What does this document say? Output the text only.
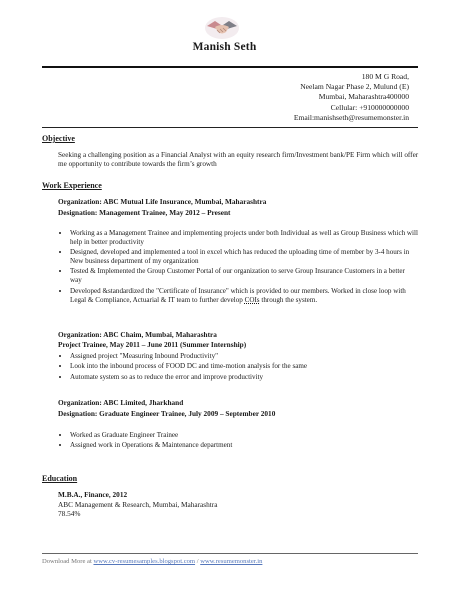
Manish Seth
180 M G Road,
Neelam Nagar Phase 2, Mulund (E)
Mumbai, Maharashtra400000
Cellular: +910000000000
Email:manishseth@resumemonster.in
Objective
Seeking a challenging position as a Financial Analyst with an equity research firm/Investment bank/PE Firm which will offer me opportunity to contribute towards the firm’s growth
Work Experience
Organization: ABC Mutual Life Insurance, Mumbai, Maharashtra
Designation: Management Trainee, May 2012 – Present
• Working as a Management Trainee and implementing projects under both Individual as well as Group Business which will help in better productivity
• Designed, developed and implemented a tool in excel which has reduced the uploading time of member by 3-4 hours in New business department of my organization
• Tested & Implemented the Group Customer Portal of our organization to serve Group Insurance Customers in a better way
• Developed &standardized the "Certificate of Insurance" which is provided to our members. Worked in close loop with Legal & Compliance, Actuarial & IT team to further develop COIs through the system.
Organization: ABC Chaim, Mumbai, Maharashtra
Project Trainee, May 2011 – June 2011 (Summer Internship)
• Assigned project "Measuring Inbound Productivity"
• Look into the inbound process of FOOD DC and time-motion analysis for the same
• Automate system so as to reduce the error and improve productivity
Organization: ABC Limited, Jharkhand
Designation: Graduate Engineer Trainee, July 2009 – September 2010
• Worked as Graduate Engineer Trainee
• Assigned work in Operations & Maintenance department
Education
M.B.A., Finance, 2012
ABC Management & Research, Mumbai, Maharashtra
78.54%
Download More at www.cv-resumesamples.blogspot.com / www.resumemonster.in
